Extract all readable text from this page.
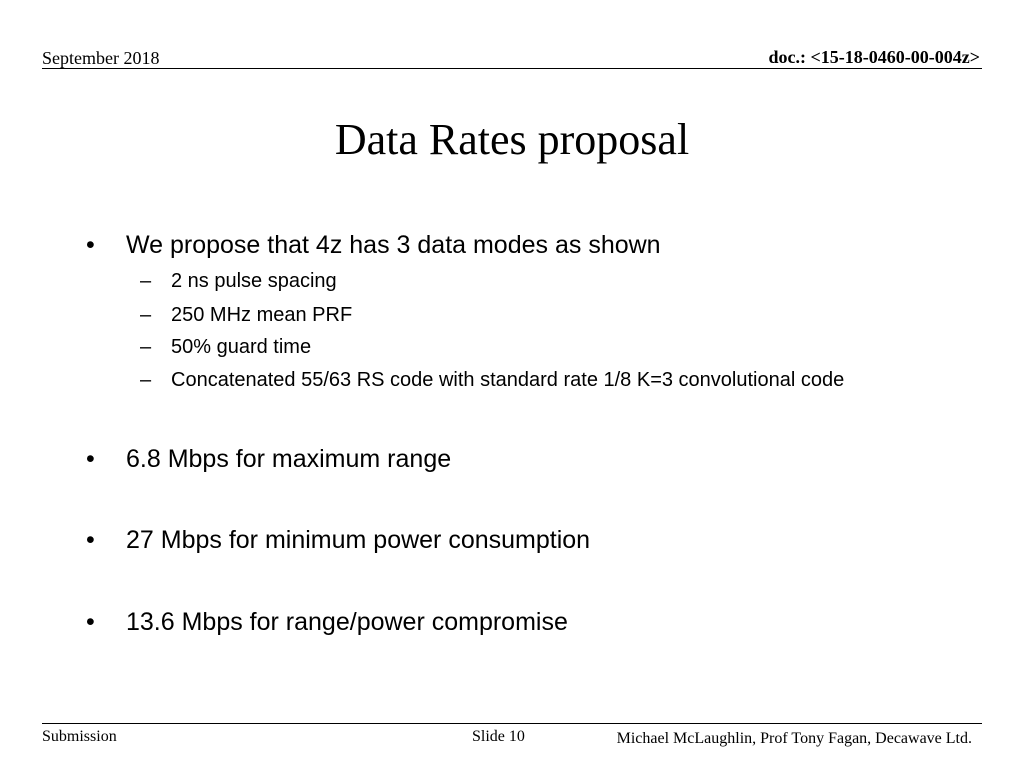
September 2018	doc.: <15-18-0460-00-004z>
Data Rates proposal
• We propose that 4z has 3 data modes as shown
– 2 ns pulse spacing
– 250 MHz mean PRF
– 50% guard time
– Concatenated 55/63 RS code with standard rate 1/8 K=3 convolutional code
• 6.8 Mbps for maximum range
• 27 Mbps for minimum power consumption
• 13.6 Mbps for range/power compromise
Submission	Slide 10	Michael McLaughlin, Prof Tony Fagan, Decawave Ltd.
